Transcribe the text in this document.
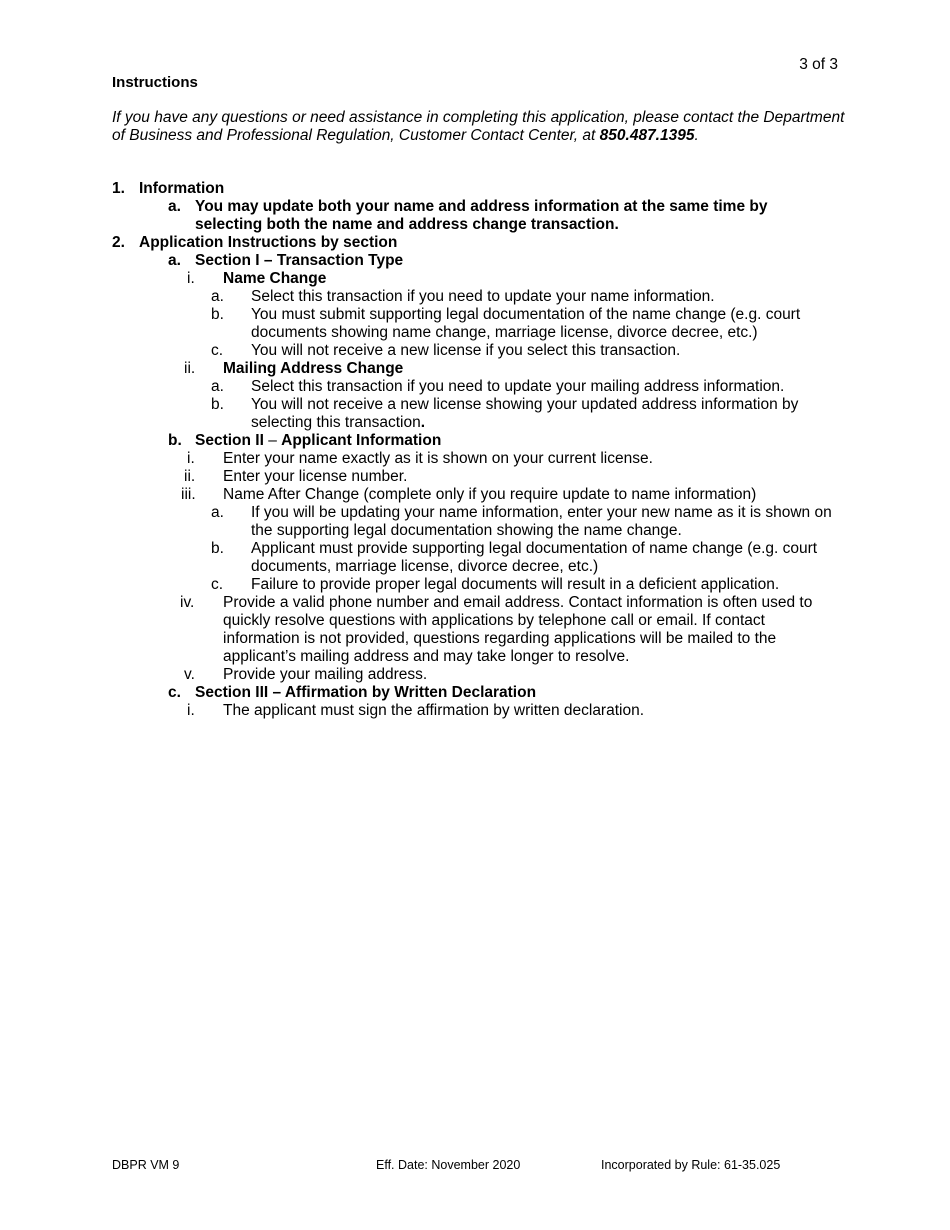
3 of 3
Instructions
If you have any questions or need assistance in completing this application, please contact the Department of Business and Professional Regulation, Customer Contact Center, at 850.487.1395.
1. Information
a. You may update both your name and address information at the same time by
selecting both the name and address change transaction.
2. Application Instructions by section
a. Section I – Transaction Type
i. Name Change
a. Select this transaction if you need to update your name information.
b. You must submit supporting legal documentation of the name change (e.g. court
documents showing name change, marriage license, divorce decree, etc.)
c. You will not receive a new license if you select this transaction.
ii. Mailing Address Change
a. Select this transaction if you need to update your mailing address information.
b. You will not receive a new license showing your updated address information by
selecting this transaction.
b. Section II – Applicant Information
i. Enter your name exactly as it is shown on your current license.
ii. Enter your license number.
iii. Name After Change (complete only if you require update to name information)
a. If you will be updating your name information, enter your new name as it is shown on
the supporting legal documentation showing the name change.
b. Applicant must provide supporting legal documentation of name change (e.g. court
documents, marriage license, divorce decree, etc.)
c. Failure to provide proper legal documents will result in a deficient application.
iv. Provide a valid phone number and email address. Contact information is often used to
quickly resolve questions with applications by telephone call or email. If contact
information is not provided, questions regarding applications will be mailed to the
applicant’s mailing address and may take longer to resolve.
v. Provide your mailing address.
c. Section III – Affirmation by Written Declaration
i. The applicant must sign the affirmation by written declaration.
DBPR VM 9	Eff. Date: November 2020	Incorporated by Rule: 61-35.025
